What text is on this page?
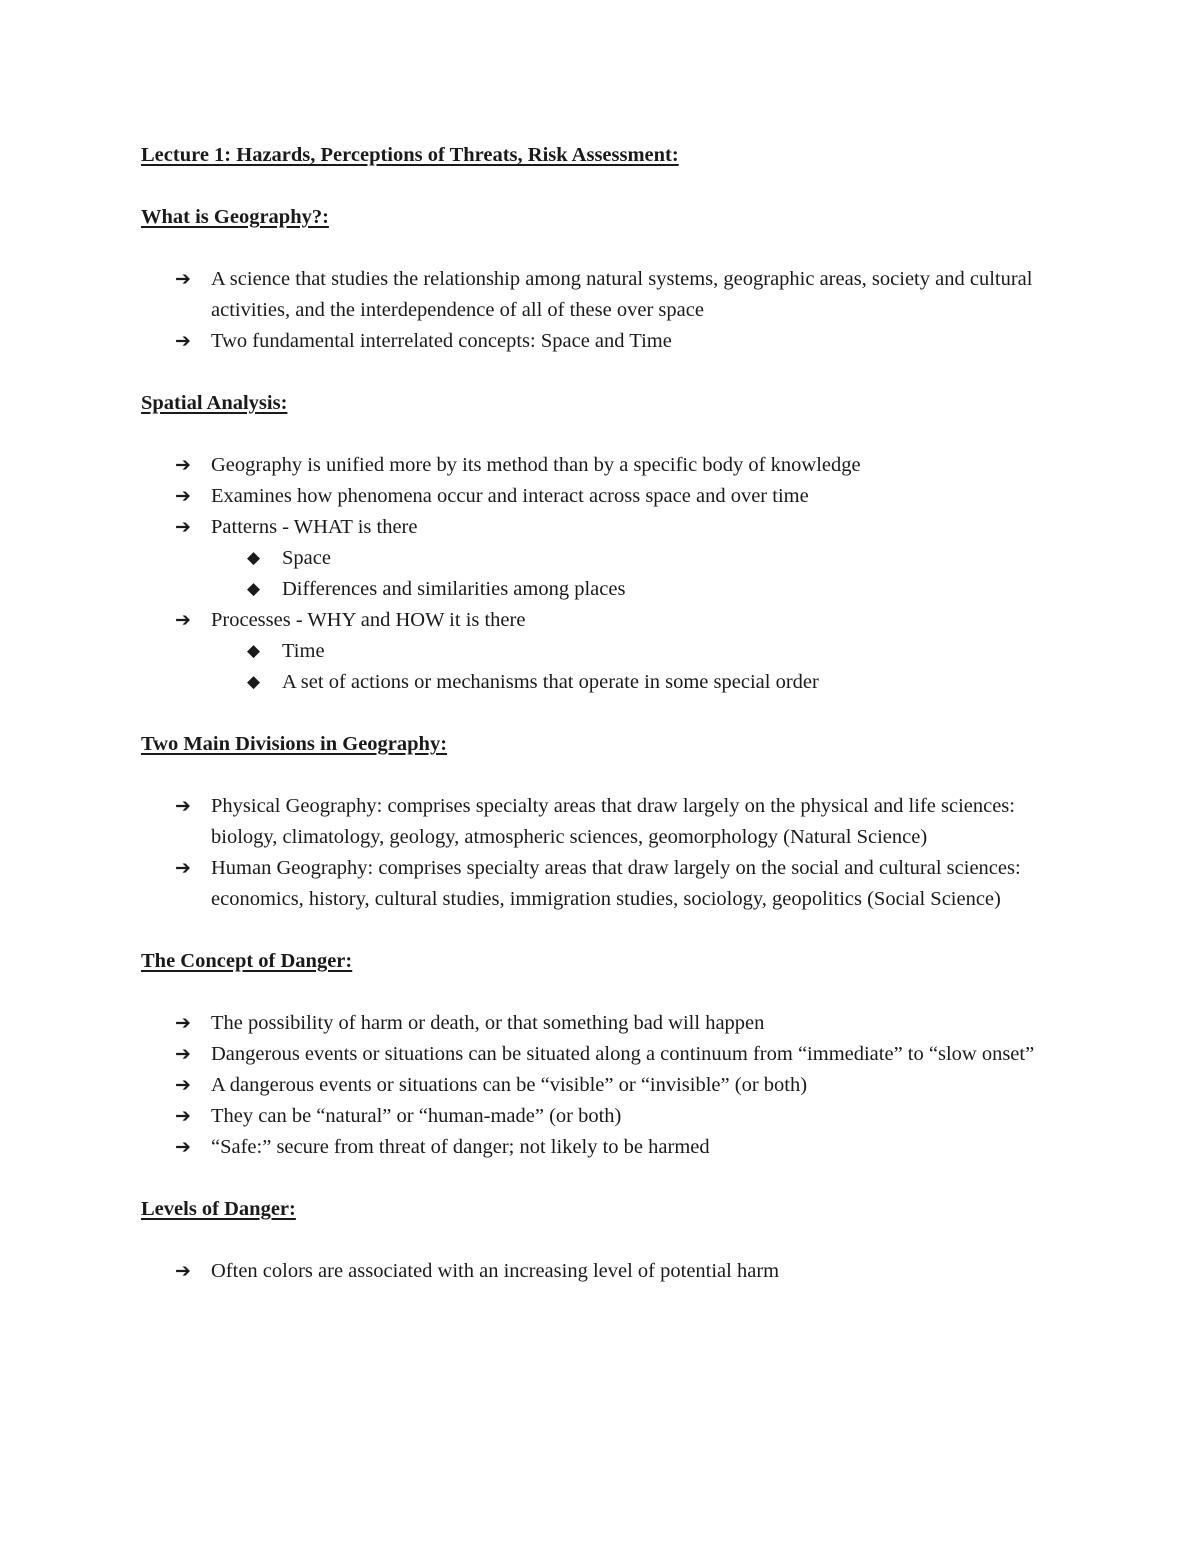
Lecture 1: Hazards, Perceptions of Threats, Risk Assessment:

What is Geography?:

➔ A science that studies the relationship among natural systems, geographic areas, society and cultural activities, and the interdependence of all of these over space
➔ Two fundamental interrelated concepts: Space and Time

Spatial Analysis:

➔ Geography is unified more by its method than by a specific body of knowledge
➔ Examines how phenomena occur and interact across space and over time
➔ Patterns - WHAT is there
◆ Space
◆ Differences and similarities among places
➔ Processes - WHY and HOW it is there
◆ Time
◆ A set of actions or mechanisms that operate in some special order

Two Main Divisions in Geography:

➔ Physical Geography: comprises specialty areas that draw largely on the physical and life sciences: biology, climatology, geology, atmospheric sciences, geomorphology (Natural Science)
➔ Human Geography: comprises specialty areas that draw largely on the social and cultural sciences: economics, history, cultural studies, immigration studies, sociology, geopolitics (Social Science)

The Concept of Danger:

➔ The possibility of harm or death, or that something bad will happen
➔ Dangerous events or situations can be situated along a continuum from “immediate” to “slow onset”
➔ A dangerous events or situations can be “visible” or “invisible” (or both)
➔ They can be “natural” or “human-made” (or both)
➔ “Safe:” secure from threat of danger; not likely to be harmed

Levels of Danger:

➔ Often colors are associated with an increasing level of potential harm
